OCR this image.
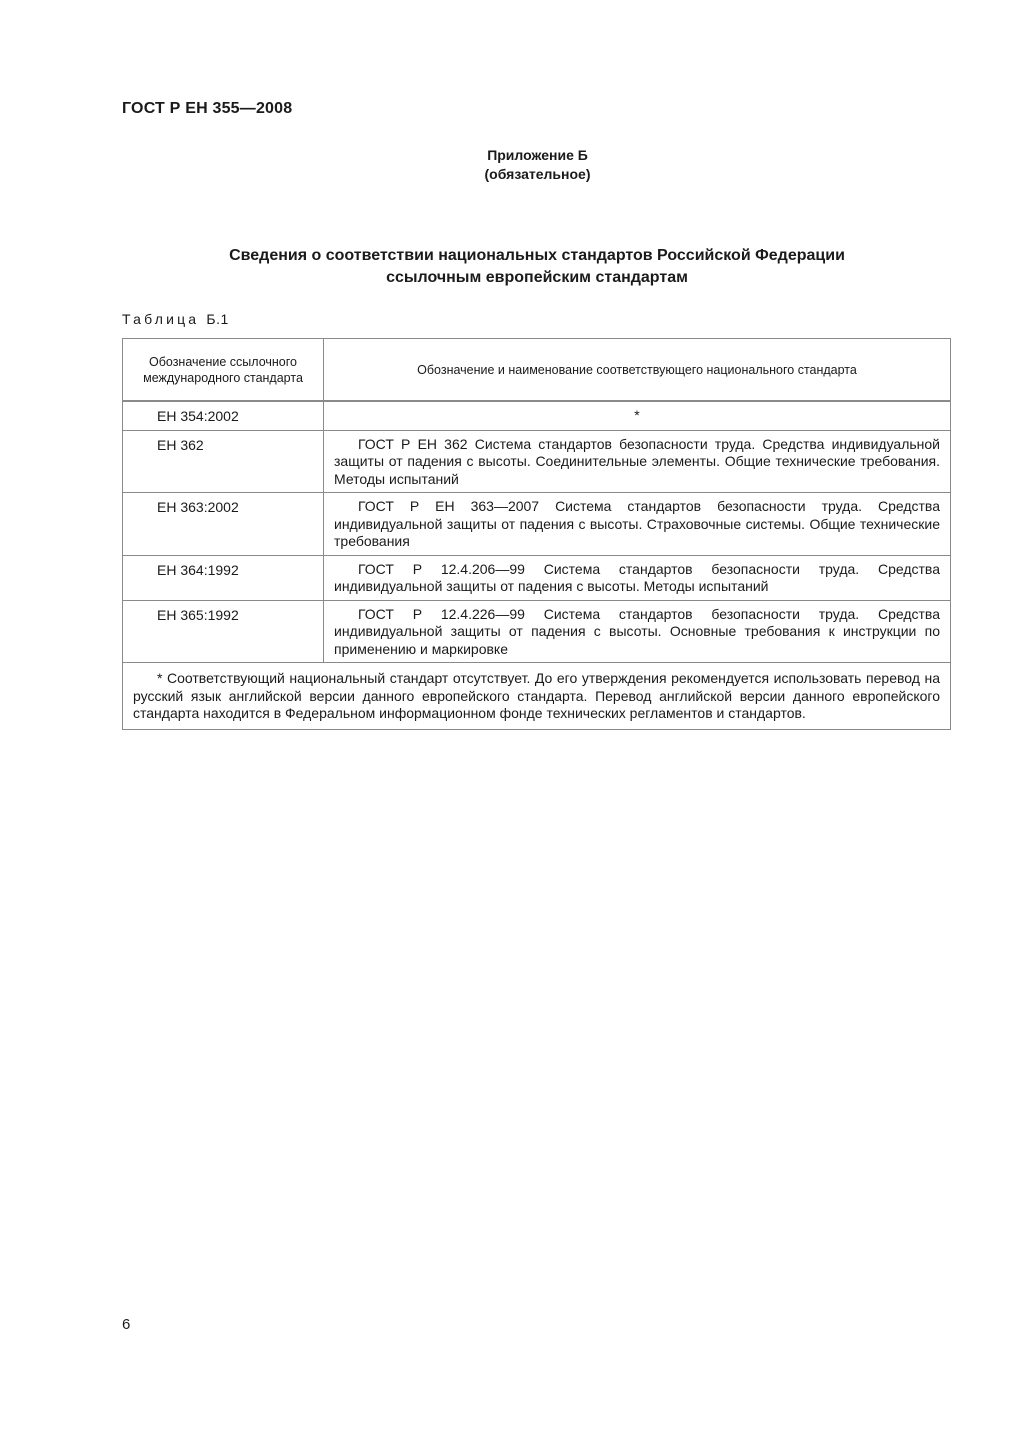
ГОСТ Р ЕН 355—2008
Приложение Б
(обязательное)
Сведения о соответствии национальных стандартов Российской Федерации
ссылочным европейским стандартам
Таблица Б.1
Обозначение ссылочного международного стандарта	Обозначение и наименование соответствующего национального стандарта

ЕН 354:2002	*
ЕН 362	ГОСТ Р ЕН 362 Система стандартов безопасности труда. Средства индивидуальной защиты от падения с высоты. Соединительные элементы. Общие технические требования. Методы испытаний
ЕН 363:2002	ГОСТ Р ЕН 363—2007 Система стандартов безопасности труда. Средства индивидуальной защиты от падения с высоты. Страховочные системы. Общие технические требования
ЕН 364:1992	ГОСТ Р 12.4.206—99 Система стандартов безопасности труда. Средства индивидуальной защиты от падения с высоты. Методы испытаний
ЕН 365:1992	ГОСТ Р 12.4.226—99 Система стандартов безопасности труда. Средства индивидуальной защиты от падения с высоты. Основные требования к инструкции по применению и маркировке
* Соответствующий национальный стандарт отсутствует. До его утверждения рекомендуется использовать перевод на русский язык английской версии данного европейского стандарта. Перевод английской версии данного европейского стандарта находится в Федеральном информационном фонде технических регламентов и стандартов.	
6
